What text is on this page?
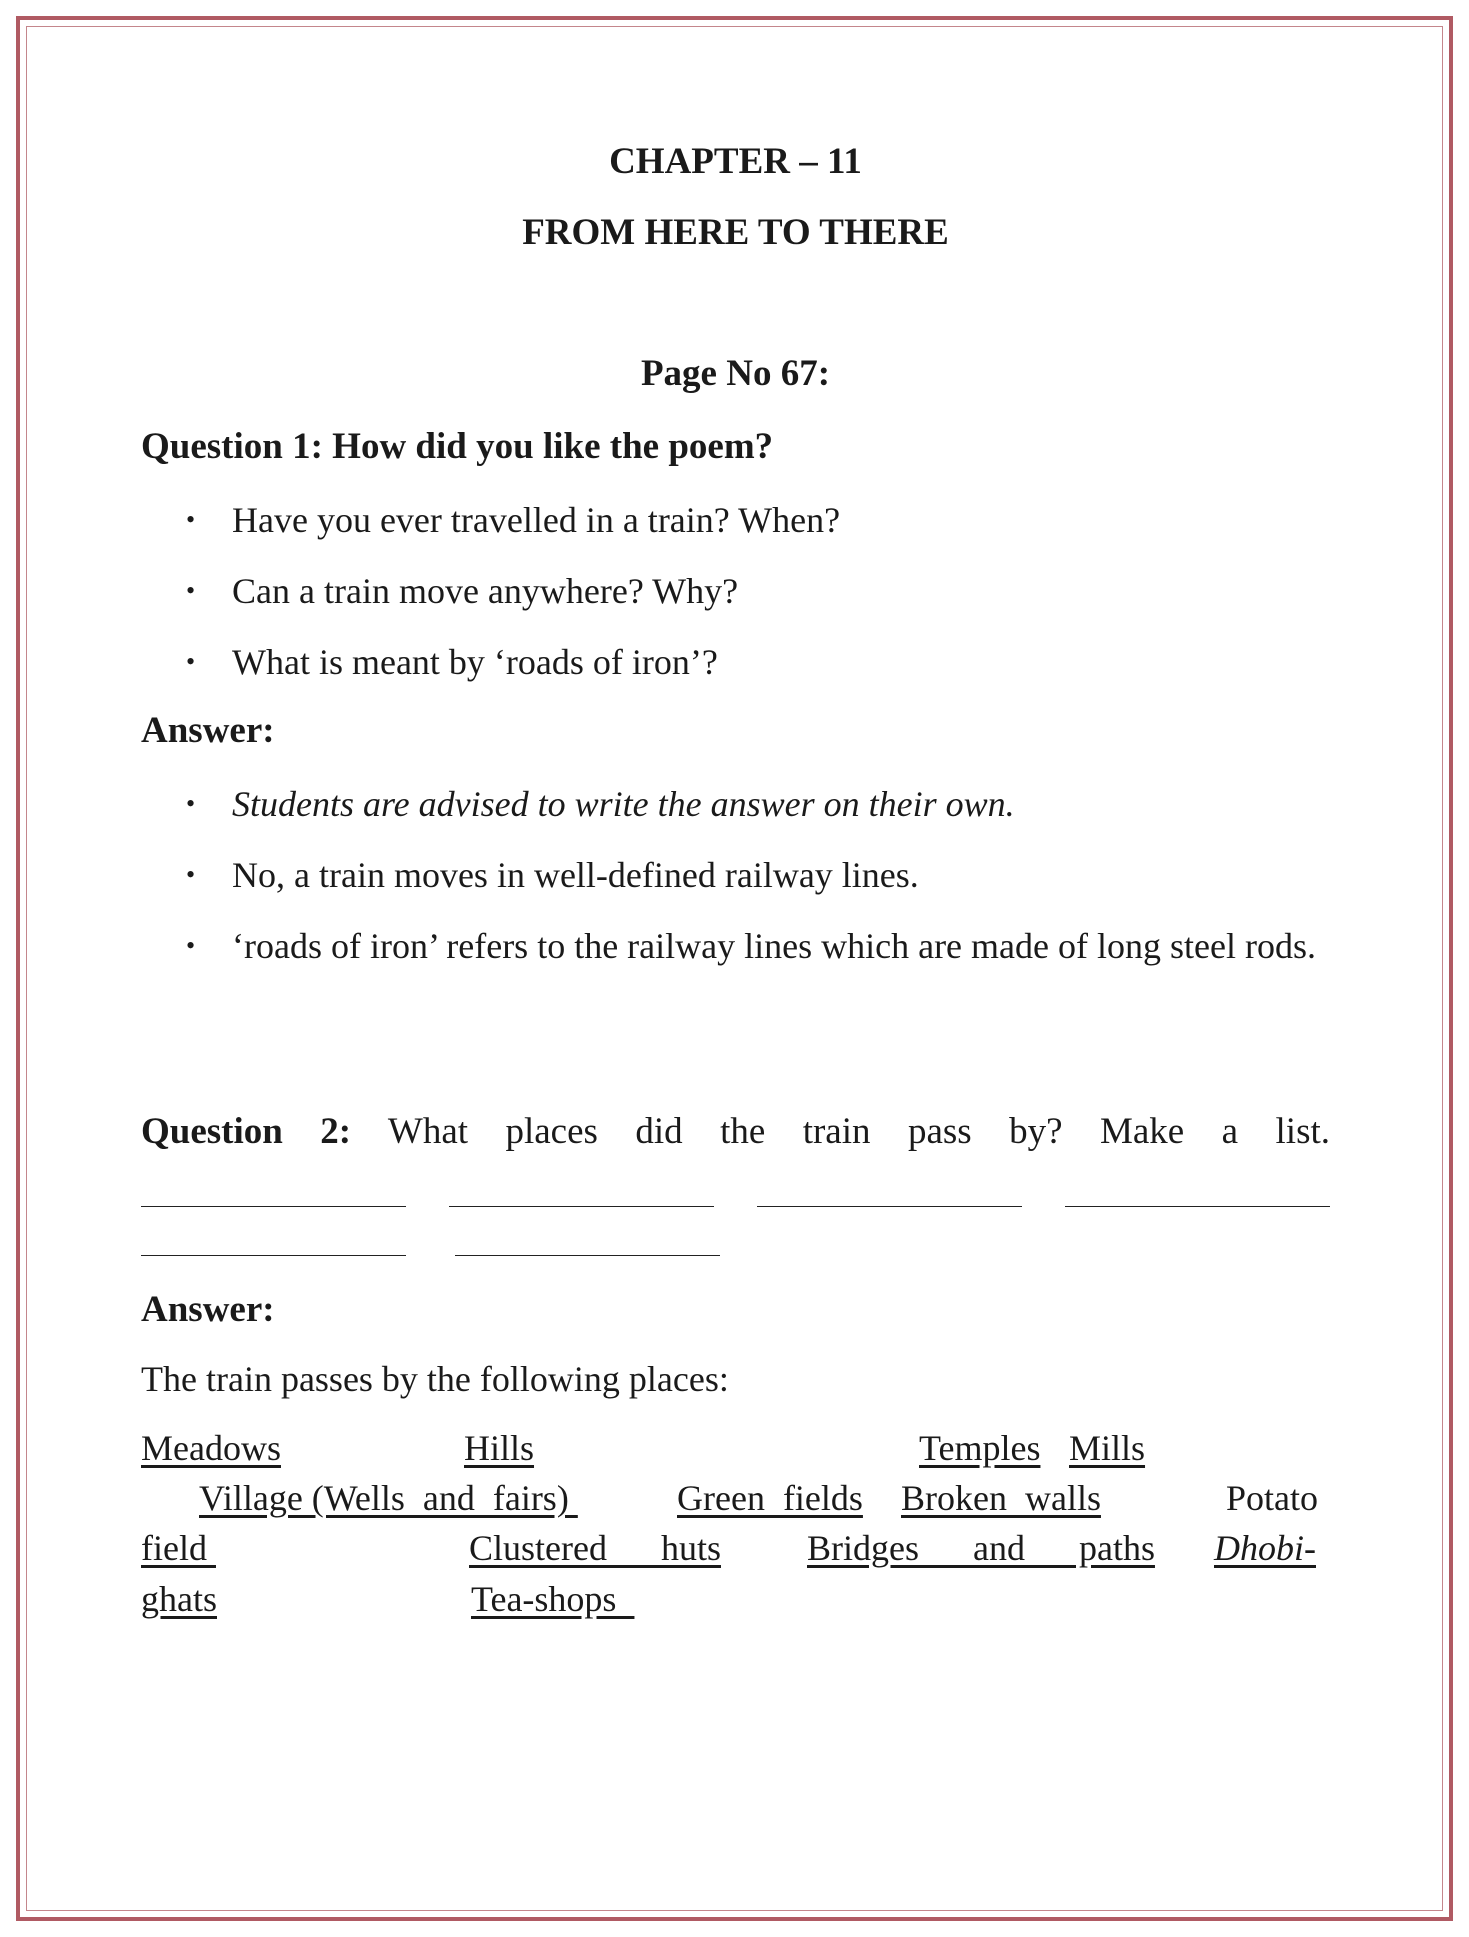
CHAPTER – 11
FROM HERE TO THERE
Page No 67:
Question 1: How did you like the poem?
• Have you ever travelled in a train? When?
• Can a train move anywhere? Why?
• What is meant by ‘roads of iron’?
Answer:
• Students are advised to write the answer on their own.
• No, a train moves in well-defined railway lines.
• ‘roads of iron’ refers to the railway lines which are made of long steel rods.
Question 2: What places did the train pass by? Make a list.
Answer:
The train passes by the following places:
Meadows	Hills	Temples Mills
Village (Wells  and  fairs)	Green  fields Broken  walls	Potato
field	Clustered      huts Bridges      and      paths Dhobi-
ghats	Tea-shops
